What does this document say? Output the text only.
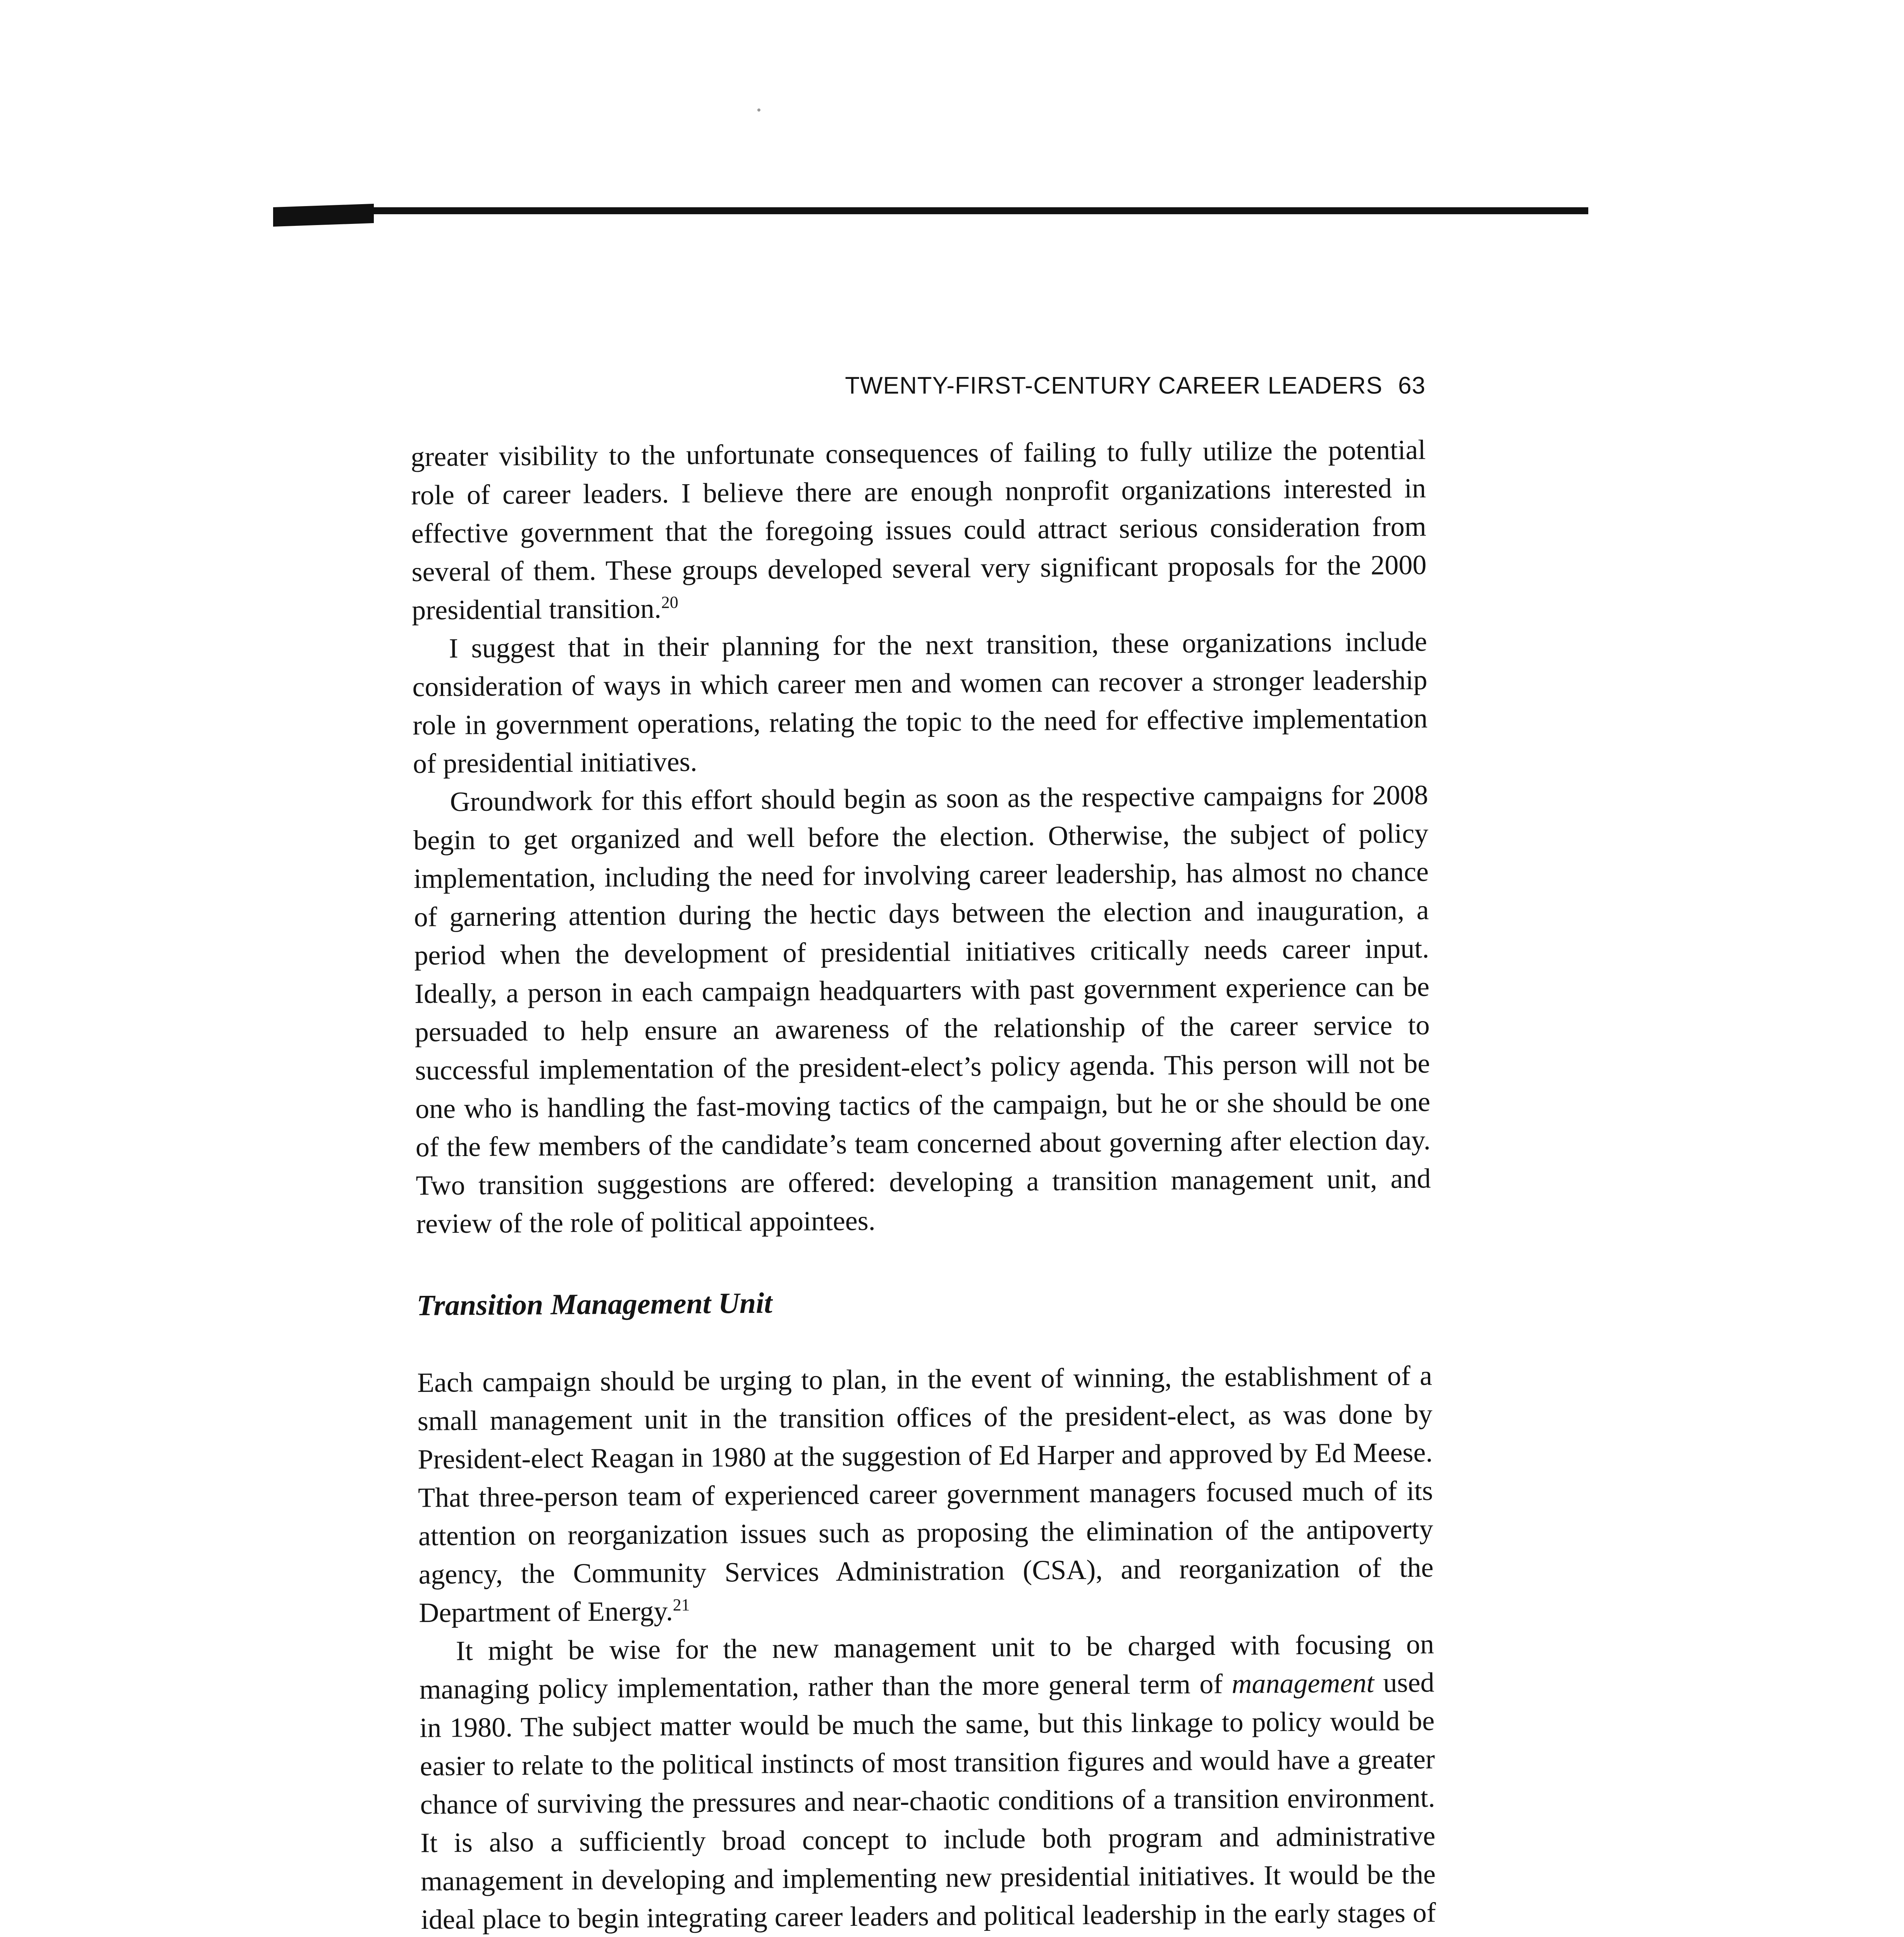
TWENTY-FIRST-CENTURY CAREER LEADERS 63

greater visibility to the unfortunate consequences of failing to fully utilize the potential role of career leaders. I believe there are enough nonprofit organizations interested in effective government that the foregoing issues could attract serious consideration from several of them. These groups developed several very significant proposals for the 2000 presidential transition.$^{20}$

I suggest that in their planning for the next transition, these organizations include consideration of ways in which career men and women can recover a stronger leadership role in government operations, relating the topic to the need for effective implementation of presidential initiatives.

Groundwork for this effort should begin as soon as the respective campaigns for 2008 begin to get organized and well before the election. Otherwise, the subject of policy implementation, including the need for involving career leadership, has almost no chance of garnering attention during the hectic days between the election and inauguration, a period when the development of presidential initiatives critically needs career input. Ideally, a person in each campaign headquarters with past government experience can be persuaded to help ensure an awareness of the relationship of the career service to successful implementation of the president-elect’s policy agenda. This person will not be one who is handling the fast-moving tactics of the campaign, but he or she should be one of the few members of the candidate’s team concerned about governing after election day. Two transition suggestions are offered: developing a transition management unit, and review of the role of political appointees.

Transition Management Unit

Each campaign should be urging to plan, in the event of winning, the establishment of a small management unit in the transition offices of the president-elect, as was done by President-elect Reagan in 1980 at the suggestion of Ed Harper and approved by Ed Meese. That three-person team of experienced career government managers focused much of its attention on reorganization issues such as proposing the elimination of the antipoverty agency, the Community Services Administration (CSA), and reorganization of the Department of Energy.$^{21}$

It might be wise for the new management unit to be charged with focusing on managing policy implementation, rather than the more general term of management used in 1980. The subject matter would be much the same, but this linkage to policy would be easier to relate to the political instincts of most transition figures and would have a greater chance of surviving the pressures and near-chaotic conditions of a transition environment. It is also a sufficiently broad concept to include both program and administrative management in developing and implementing new presidential initiatives. It would be the ideal place to begin integrating career leaders and political leadership in the early stages of
